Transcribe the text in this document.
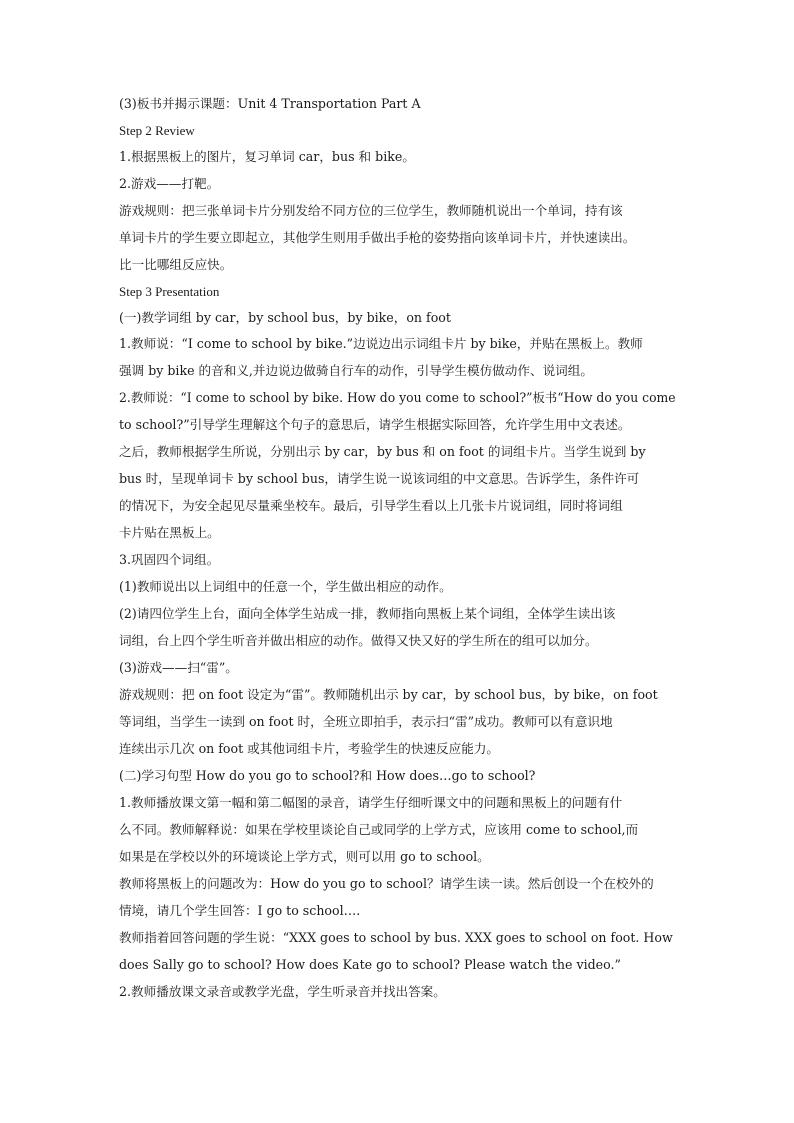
(3)板书并揭示课题：Unit 4 Transportation Part A
Step 2 Review
1.根据黑板上的图片，复习单词 car，bus 和 bike。
2.游戏——打靶。
游戏规则：把三张单词卡片分别发给不同方位的三位学生，教师随机说出一个单词，持有该
单词卡片的学生要立即起立，其他学生则用手做出手枪的姿势指向该单词卡片，并快速读出。
比一比哪组反应快。
Step 3 Presentation
(一)教学词组 by car，by school bus，by bike，on foot
1.教师说：“I come to school by bike.”边说边出示词组卡片 by bike，并贴在黑板上。教师
强调 by bike 的音和义,并边说边做骑自行车的动作，引导学生模仿做动作、说词组。
2.教师说：“I come to school by bike. How do you come to school?”板书“How do you come
to school?”引导学生理解这个句子的意思后，请学生根据实际回答，允许学生用中文表述。
之后，教师根据学生所说，分别出示 by car，by bus 和 on foot 的词组卡片。当学生说到 by
bus 时，呈现单词卡 by school bus，请学生说一说该词组的中文意思。告诉学生，条件许可
的情况下，为安全起见尽量乘坐校车。最后，引导学生看以上几张卡片说词组，同时将词组
卡片贴在黑板上。
3.巩固四个词组。
(1)教师说出以上词组中的任意一个，学生做出相应的动作。
(2)请四位学生上台，面向全体学生站成一排，教师指向黑板上某个词组，全体学生读出该
词组，台上四个学生听音并做出相应的动作。做得又快又好的学生所在的组可以加分。
(3)游戏——扫“雷”。
游戏规则：把 on foot 设定为“雷”。教师随机出示 by car，by school bus，by bike，on foot
等词组，当学生一读到 on foot 时，全班立即拍手，表示扫“雷”成功。教师可以有意识地
连续出示几次 on foot 或其他词组卡片，考验学生的快速反应能力。
(二)学习句型 How do you go to school?和 How does…go to school?
1.教师播放课文第一幅和第二幅图的录音，请学生仔细听课文中的问题和黑板上的问题有什
么不同。教师解释说：如果在学校里谈论自己或同学的上学方式，应该用 come to school,而
如果是在学校以外的环境谈论上学方式，则可以用 go to school。
教师将黑板上的问题改为：How do you go to school？请学生读一读。然后创设一个在校外的
情境，请几个学生回答：I go to school….
教师指着回答问题的学生说：“XXX goes to school by bus. XXX goes to school on foot. How
does Sally go to school? How does Kate go to school? Please watch the video.”
2.教师播放课文录音或教学光盘，学生听录音并找出答案。
